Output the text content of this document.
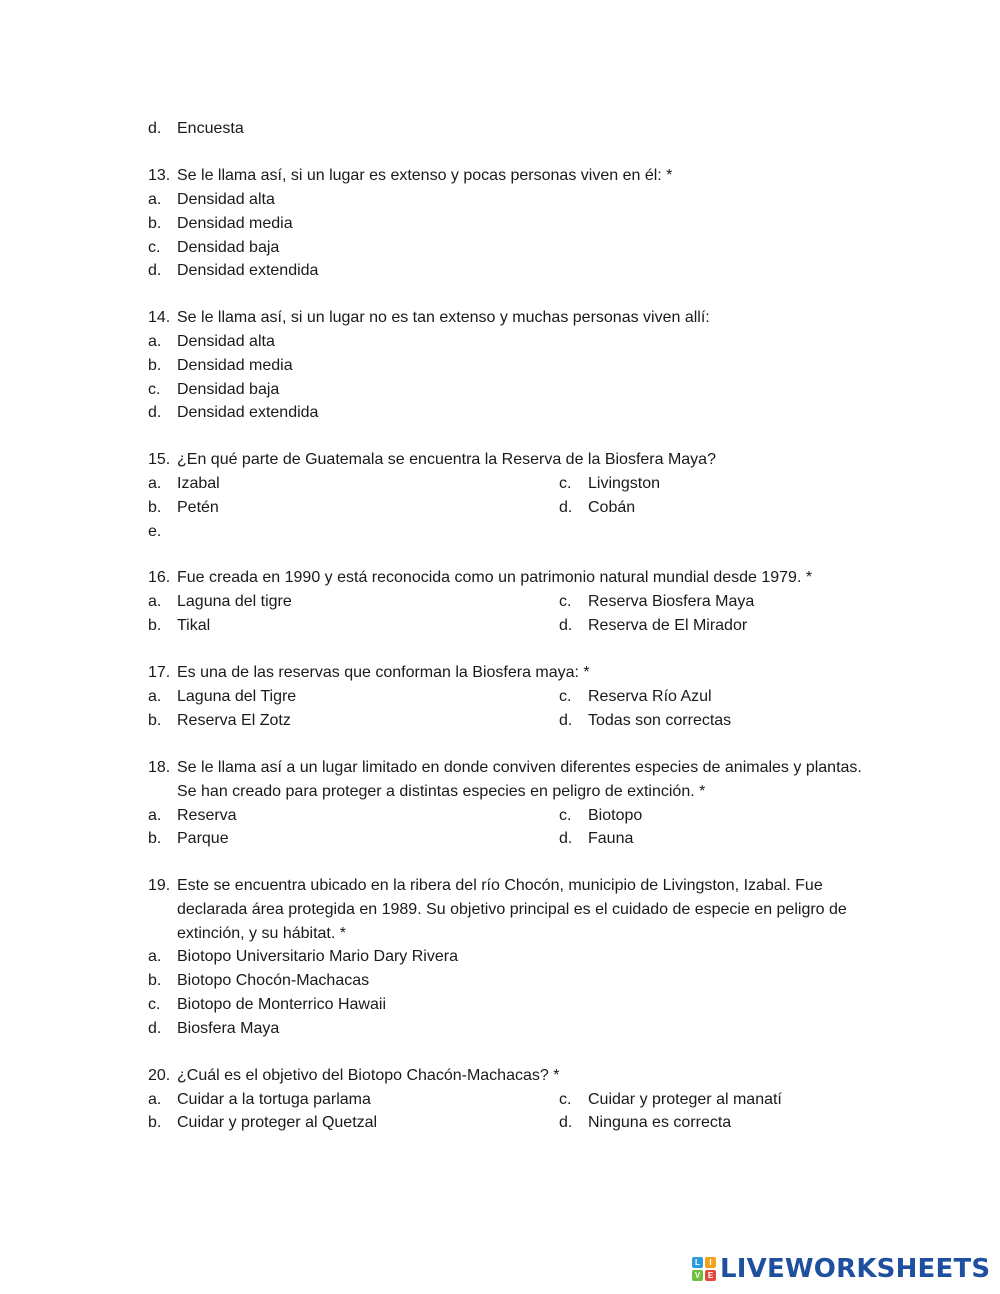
d. Encuesta
13. Se le llama así, si un lugar es extenso y pocas personas viven en él: *
a. Densidad alta
b. Densidad media
c. Densidad baja
d. Densidad extendida
14. Se le llama así, si un lugar no es tan extenso y muchas personas viven allí:
a. Densidad alta
b. Densidad media
c. Densidad baja
d. Densidad extendida
15. ¿En qué parte de Guatemala se encuentra la Reserva de la Biosfera Maya?
a. Izabal	c. Livingston
b. Petén	d. Cobán
e.
16. Fue creada en 1990 y está reconocida como un patrimonio natural mundial desde 1979. *
a. Laguna del tigre	c. Reserva Biosfera Maya
b. Tikal	d. Reserva de El Mirador
17. Es una de las reservas que conforman la Biosfera maya: *
a. Laguna del Tigre	c. Reserva Río Azul
b. Reserva El Zotz	d. Todas son correctas
18. Se le llama así a un lugar limitado en donde conviven diferentes especies de animales y plantas.
Se han creado para proteger a distintas especies en peligro de extinción. *
a. Reserva	c. Biotopo
b. Parque	d. Fauna
19. Este se encuentra ubicado en la ribera del río Chocón, municipio de Livingston, Izabal. Fue
declarada área protegida en 1989. Su objetivo principal es el cuidado de especie en peligro de
extinción, y su hábitat. *
a. Biotopo Universitario Mario Dary Rivera
b. Biotopo Chocón-Machacas
c. Biotopo de Monterrico Hawaii
d. Biosfera Maya
20. ¿Cuál es el objetivo del Biotopo Chacón-Machacas? *
a. Cuidar a la tortuga parlama	c. Cuidar y proteger al manatí
b. Cuidar y proteger al Quetzal	d. Ninguna es correcta
L	I
V E LIVEWORKSHEETS
